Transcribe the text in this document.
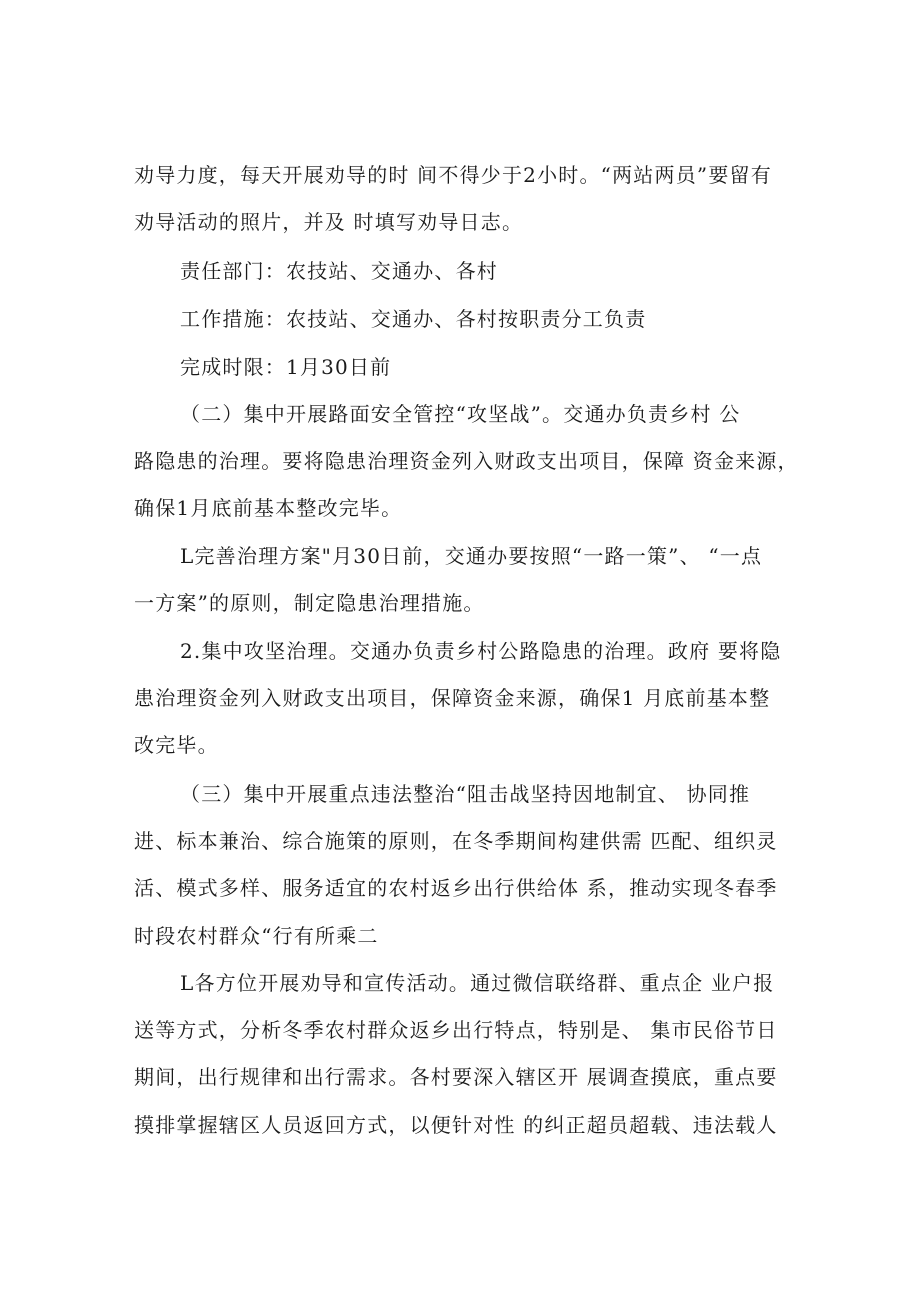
劝导力度，每天开展劝导的时 间不得少于2小时。“两站两员”要留有
劝导活动的照片，并及 时填写劝导日志。
责任部门：农技站、交通办、各村
工作措施：农技站、交通办、各村按职责分工负责
完成时限：1月30日前
（二）集中开展路面安全管控“攻坚战”。交通办负责乡村 公
路隐患的治理。要将隐患治理资金列入财政支出项目，保障 资金来源，
确保1月底前基本整改完毕。
L完善治理方案"月30日前，交通办要按照“一路一策”、 “一点
一方案”的原则，制定隐患治理措施。
2.集中攻坚治理。交通办负责乡村公路隐患的治理。政府 要将隐
患治理资金列入财政支出项目，保障资金来源，确保1 月底前基本整
改完毕。
（三）集中开展重点违法整治“阻击战坚持因地制宜、 协同推
进、标本兼治、综合施策的原则，在冬季期间构建供需 匹配、组织灵
活、模式多样、服务适宜的农村返乡出行供给体 系，推动实现冬春季
时段农村群众“行有所乘二
L各方位开展劝导和宣传活动。通过微信联络群、重点企 业户报
送等方式，分析冬季农村群众返乡出行特点，特别是、 集市民俗节日
期间，出行规律和出行需求。各村要深入辖区开 展调查摸底，重点要
摸排掌握辖区人员返回方式，以便针对性 的纠正超员超载、违法载人
